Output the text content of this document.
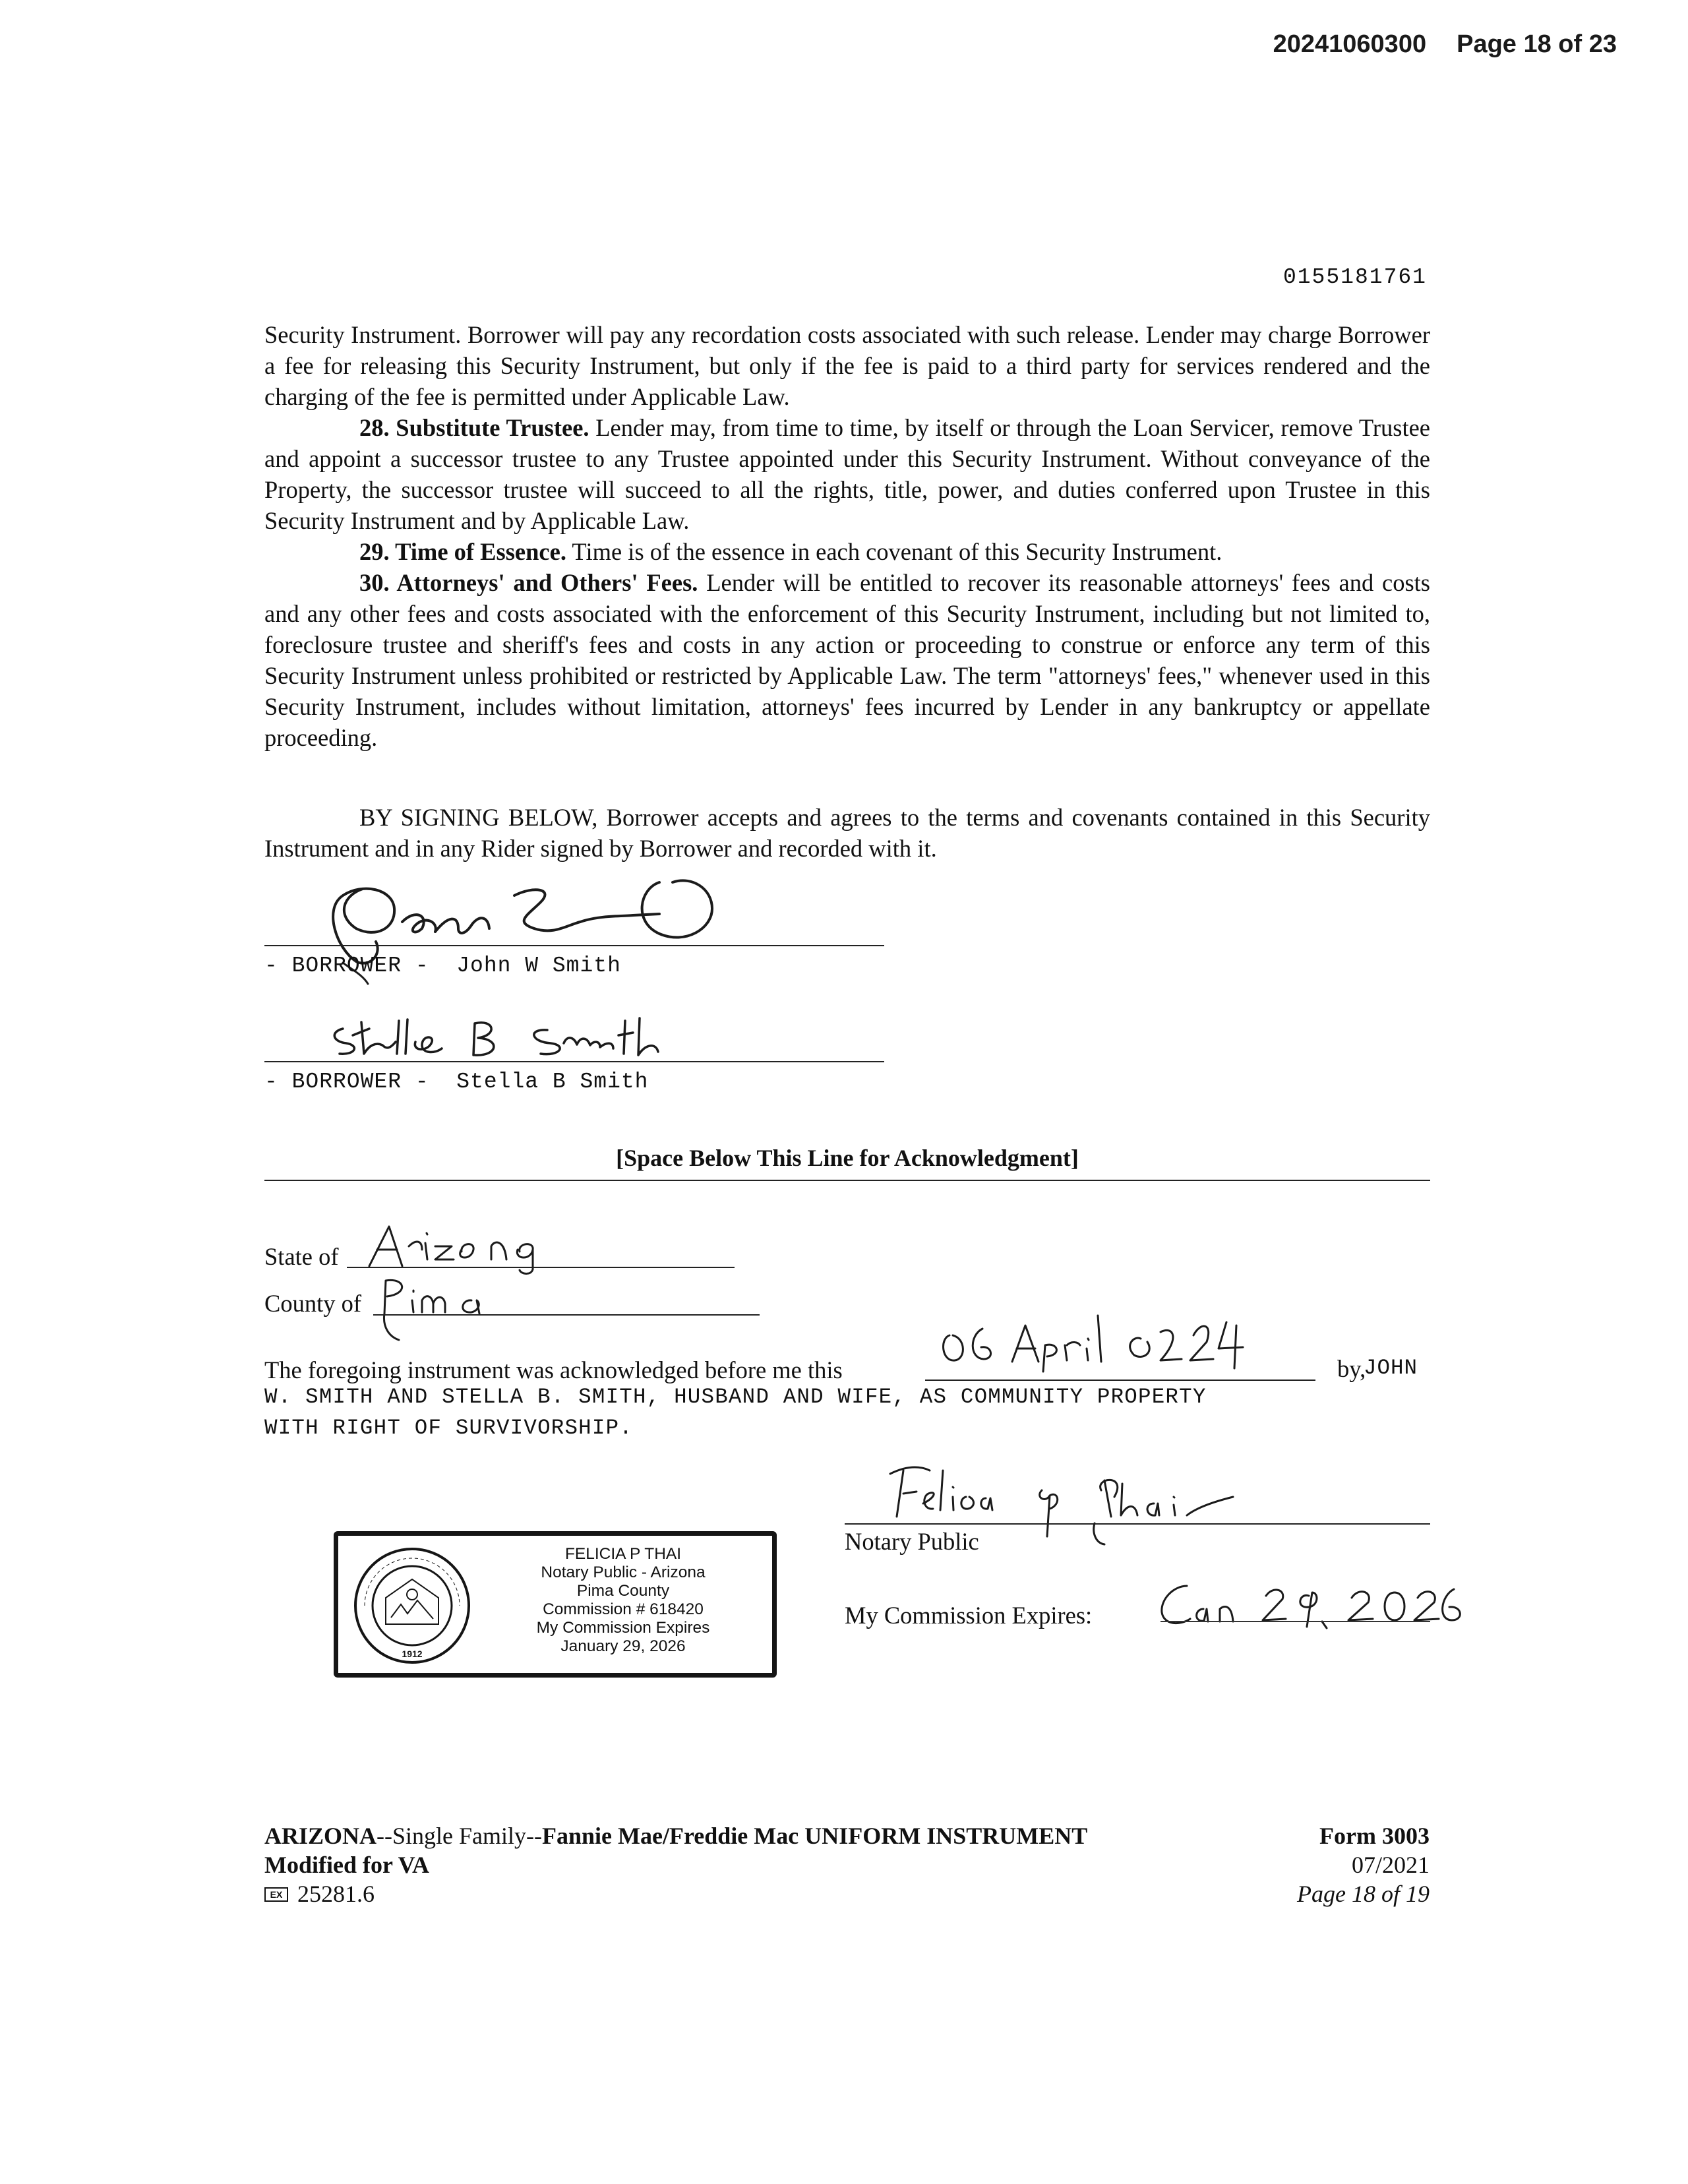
20241060300 Page 18 of 23
0155181761

Security Instrument. Borrower will pay any recordation costs associated with such release. Lender may charge Borrower a fee for releasing this Security Instrument, but only if the fee is paid to a third party for services rendered and the charging of the fee is permitted under Applicable Law.

28. Substitute Trustee. Lender may, from time to time, by itself or through the Loan Servicer, remove Trustee and appoint a successor trustee to any Trustee appointed under this Security Instrument. Without conveyance of the Property, the successor trustee will succeed to all the rights, title, power, and duties conferred upon Trustee in this Security Instrument and by Applicable Law.

29. Time of Essence. Time is of the essence in each covenant of this Security Instrument.

30. Attorneys' and Others' Fees. Lender will be entitled to recover its reasonable attorneys' fees and costs and any other fees and costs associated with the enforcement of this Security Instrument, including but not limited to, foreclosure trustee and sheriff's fees and costs in any action or proceeding to construe or enforce any term of this Security Instrument unless prohibited or restricted by Applicable Law. The term "attorneys' fees," whenever used in this Security Instrument, includes without limitation, attorneys' fees incurred by Lender in any bankruptcy or appellate proceeding.

BY SIGNING BELOW, Borrower accepts and agrees to the terms and covenants contained in this Security Instrument and in any Rider signed by Borrower and recorded with it.

- BORROWER -  John W Smith
- BORROWER -  Stella B Smith
[Space Below This Line for Acknowledgment]
State of
County of
The foregoing instrument was acknowledged before me this	by,
JOHN
W. SMITH AND STELLA B. SMITH, HUSBAND AND WIFE, AS COMMUNITY PROPERTY
WITH RIGHT OF SURVIVORSHIP.
1912
FELICIA P THAI
Notary Public - Arizona
Pima County
Commission # 618420
My Commission Expires
January 29, 2026
Notary Public
My Commission Expires:
ARIZONA--Single Family--Fannie Mae/Freddie Mac UNIFORM INSTRUMENT
Modified for VA
EX 25281.6
Form 3003
07/2021
Page 18 of 19
